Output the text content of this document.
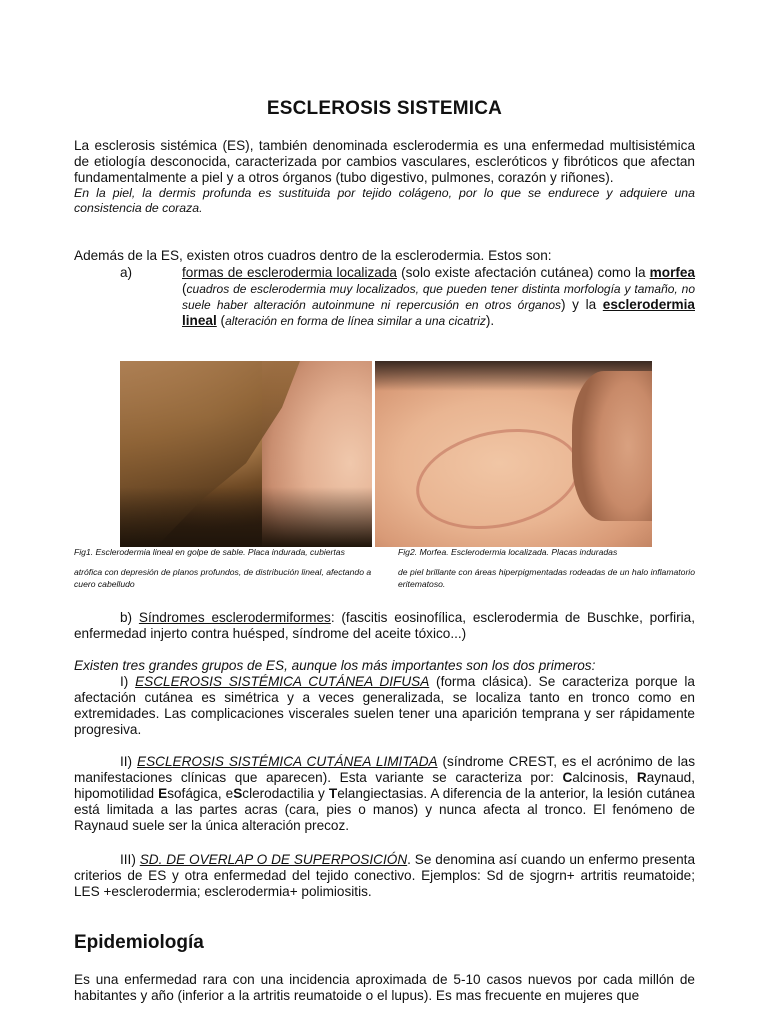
ESCLEROSIS SISTEMICA

La esclerosis sistémica (ES), también denominada esclerodermia es una enfermedad multisistémica de etiología desconocida, caracterizada por cambios vasculares, escleróticos y fibróticos que afectan fundamentalmente a piel y a otros órganos (tubo digestivo, pulmones, corazón y riñones).

En la piel, la dermis profunda es sustituida por tejido colágeno, por lo que se endurece y adquiere una consistencia de coraza.

Además de la ES, existen otros cuadros dentro de la esclerodermia. Estos son:

a)	formas de esclerodermia localizada (solo existe afectación cutánea) como la morfea (cuadros de esclerodermia muy localizados, que pueden tener distinta morfología y tamaño, no suele haber alteración autoinmune ni repercusión en otros órganos) y la esclerodermia lineal (alteración en forma de línea similar a una cicatriz).
Fig1. Esclerodermia lineal en golpe de sable. Placa indurada, cubiertas
atrófica con depresión de planos profundos, de distribución lineal, afectando a cuero cabelludo
Fig2. Morfea. Esclerodermia localizada. Placas induradas
de piel brillante con áreas hiperpigmentadas rodeadas de un halo inflamatorio eritematoso.

b) Síndromes esclerodermiformes: (fascitis eosinofílica, esclerodermia de Buschke, porfiria, enfermedad injerto contra huésped, síndrome del aceite tóxico...)

Existen tres grandes grupos de ES, aunque los más importantes son los dos primeros:

I) ESCLEROSIS SISTÉMICA CUTÁNEA DIFUSA (forma clásica). Se caracteriza porque la afectación cutánea es simétrica y a veces generalizada, se localiza tanto en tronco como en extremidades. Las complicaciones viscerales suelen tener una aparición temprana y ser rápidamente progresiva.

II) ESCLEROSIS SISTÉMICA CUTÁNEA LIMITADA (síndrome CREST, es el acrónimo de las manifestaciones clínicas que aparecen). Esta variante se caracteriza por: Calcinosis, Raynaud, hipomotilidad Esofágica, eSclerodactilia y Telangiectasias. A diferencia de la anterior, la lesión cutánea está limitada a las partes acras (cara, pies o manos) y nunca afecta al tronco. El fenómeno de Raynaud suele ser la única alteración precoz.

III) SD. DE OVERLAP O DE SUPERPOSICIÓN. Se denomina así cuando un enfermo presenta criterios de ES y otra enfermedad del tejido conectivo. Ejemplos: Sd de sjogrn+ artritis reumatoide; LES +esclerodermia; esclerodermia+ polimiositis.

Epidemiología

Es una enfermedad rara con una incidencia aproximada de 5-10 casos nuevos por cada millón de habitantes y año (inferior a la artritis reumatoide o el lupus). Es mas frecuente en mujeres que
